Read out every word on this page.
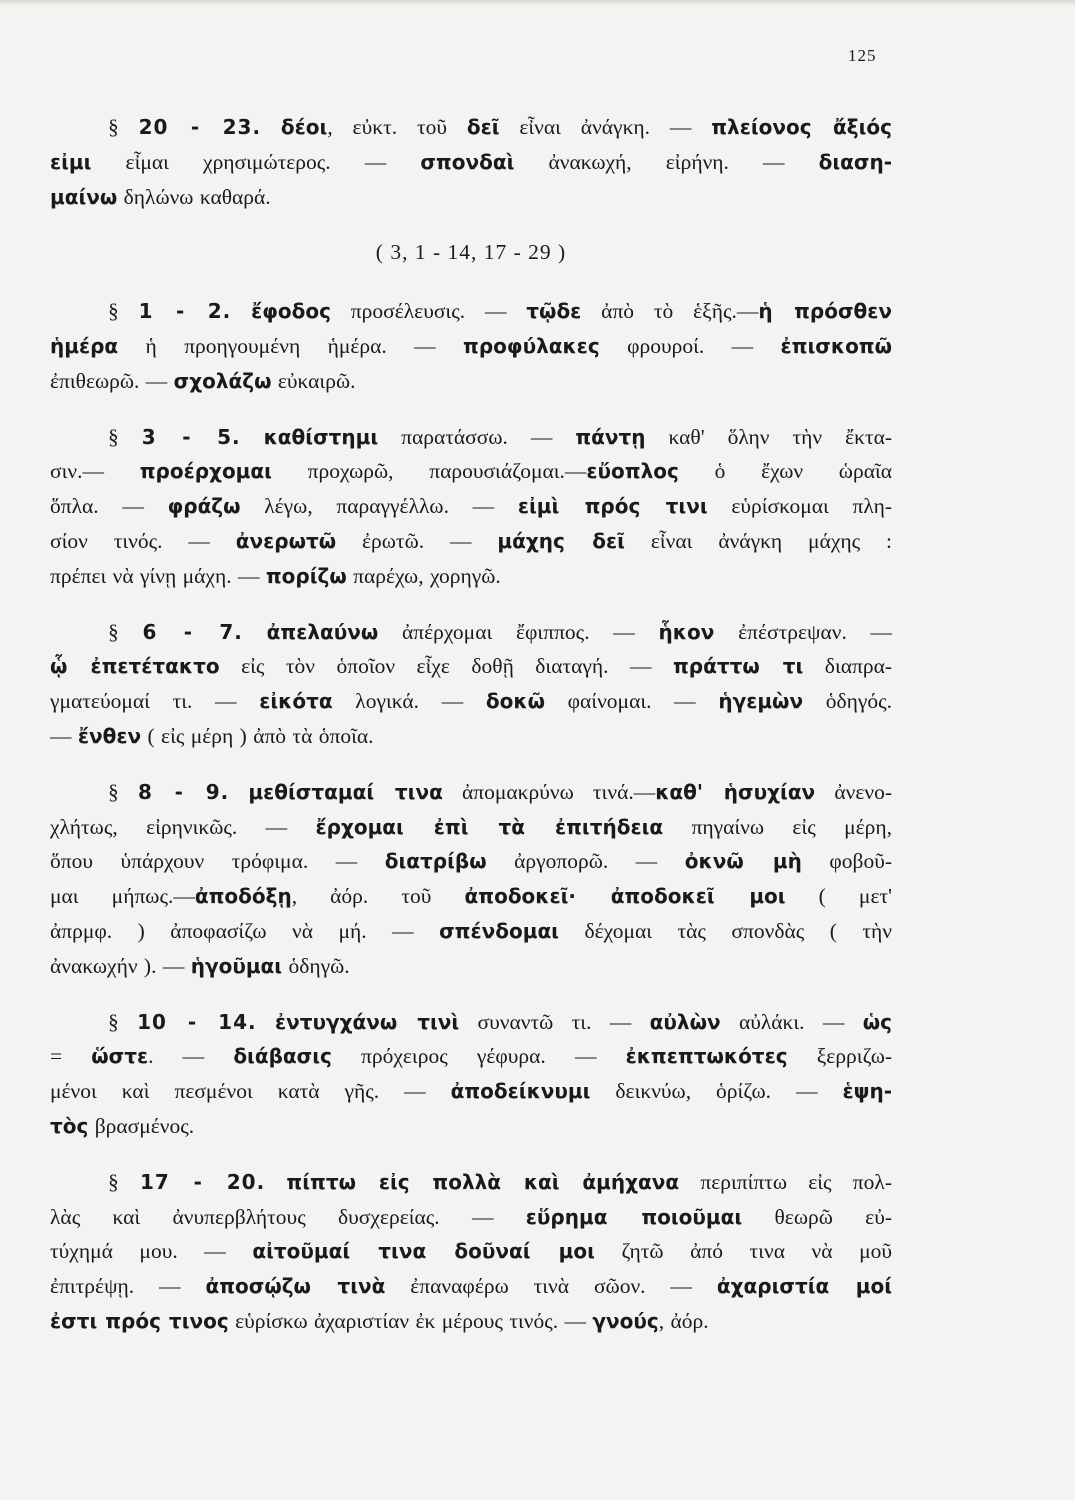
125
§ 20 - 23. δέοι, εὐκτ. τοῦ δεῖ εἶναι ἀνάγκη. — πλείονος ἄξιός
εἰμι εἶμαι χρησιμώτερος. — σπονδαὶ ἀνακωχή, εἰρήνη. — διαση-
μαίνω δηλώνω καθαρά.
( 3, 1 - 14, 17 - 29 )
§ 1 - 2. ἔφοδος προσέλευσις. — τῷδε ἀπὸ τὸ ἑξῆς.—ἡ πρόσθεν
ἡμέρα ἡ προηγουμένη ἡμέρα. — προφύλακες φρουροί. — ἐπισκοπῶ
ἐπιθεωρῶ. — σχολάζω εὐκαιρῶ.
§ 3 - 5. καθίστημι παρατάσσω. — πάντῃ καθ' ὅλην τὴν ἔκτα-
σιν.— προέρχομαι προχωρῶ, παρουσιάζομαι.—εὔοπλος ὁ ἔχων ὡραῖα
ὅπλα. — φράζω λέγω, παραγγέλλω. — εἰμὶ πρός τινι εὑρίσκομαι πλη-
σίον τινός. — ἀνερωτῶ ἐρωτῶ. — μάχης δεῖ εἶναι ἀνάγκη μάχης :
πρέπει νὰ γίνῃ μάχη. — πορίζω παρέχω, χορηγῶ.
§ 6 - 7. ἀπελαύνω ἀπέρχομαι ἔφιππος. — ἧκον ἐπέστρεψαν. —
ᾧ ἐπετέτακτο εἰς τὸν ὁποῖον εἶχε δοθῇ διαταγή. — πράττω τι διαπρα-
γματεύομαί τι. — εἰκότα λογικά. — δοκῶ φαίνομαι. — ἡγεμὼν ὁδηγός.
— ἔνθεν ( εἰς μέρη ) ἀπὸ τὰ ὁποῖα.
§ 8 - 9. μεθίσταμαί τινα ἀπομακρύνω τινά.—καθ' ἡσυχίαν ἀνενο-
χλήτως, εἰρηνικῶς. — ἔρχομαι ἐπὶ τὰ ἐπιτήδεια πηγαίνω εἰς μέρη,
ὅπου ὑπάρχουν τρόφιμα. — διατρίβω ἀργοπορῶ. — ὀκνῶ μὴ φοβοῦ-
μαι μήπως.—ἀποδόξῃ, ἀόρ. τοῦ ἀποδοκεῖ· ἀποδοκεῖ μοι ( μετ'
ἀπρμφ. ) ἀποφασίζω νὰ μή. — σπένδομαι δέχομαι τὰς σπονδὰς ( τὴν
ἀνακωχήν ). — ἡγοῦμαι ὁδηγῶ.
§ 10 - 14. ἐντυγχάνω τινὶ συναντῶ τι. — αὐλὼν αὐλάκι. — ὡς
= ὥστε. — διάβασις πρόχειρος γέφυρα. — ἐκπεπτωκότες ξερριζω-
μένοι καὶ πεσμένοι κατὰ γῆς. — ἀποδείκνυμι δεικνύω, ὁρίζω. — ἑψη-
τὸς βρασμένος.
§ 17 - 20. πίπτω εἰς πολλὰ καὶ ἀμήχανα περιπίπτω εἰς πολ-
λὰς καὶ ἀνυπερβλήτους δυσχερείας. — εὕρημα ποιοῦμαι θεωρῶ εὐ-
τύχημά μου. — αἰτοῦμαί τινα δοῦναί μοι ζητῶ ἀπό τινα νὰ μοῦ
ἐπιτρέψῃ. — ἀποσῴζω τινὰ ἐπαναφέρω τινὰ σῶον. — ἀχαριστία μοί
ἐστι πρός τινος εὑρίσκω ἀχαριστίαν ἐκ μέρους τινός. — γνούς, ἀόρ.
